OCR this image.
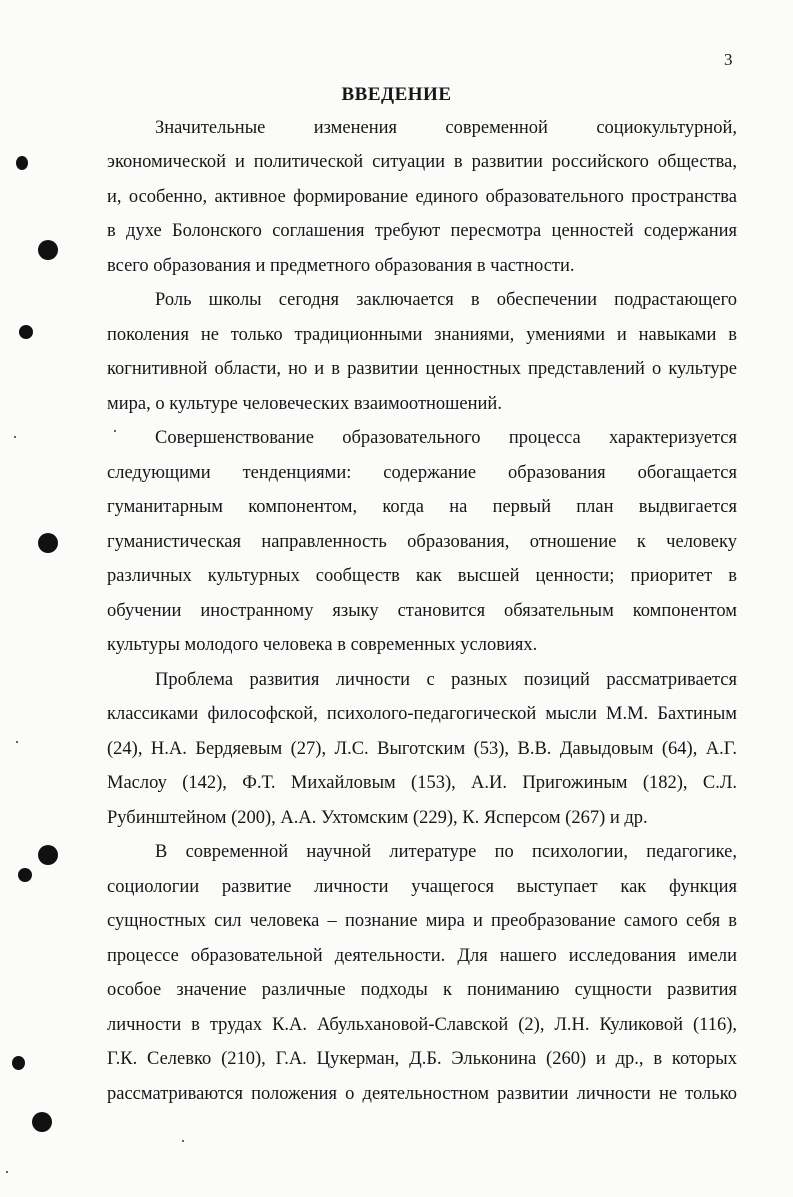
3
ВВЕДЕНИЕ
Значительные изменения современной социокультурной,
экономической и политической ситуации в развитии российского общества,
и, особенно, активное формирование единого образовательного пространства
в духе Болонского соглашения требуют пересмотра ценностей содержания
всего образования и предметного образования в частности.
Роль школы сегодня заключается в обеспечении подрастающего
поколения не только традиционными знаниями, умениями и навыками в
когнитивной области, но и в развитии ценностных представлений о культуре
мира, о культуре человеческих взаимоотношений.
Совершенствование образовательного процесса характеризуется
следующими тенденциями: содержание образования обогащается
гуманитарным компонентом, когда на первый план выдвигается
гуманистическая направленность образования, отношение к человеку
различных культурных сообществ как высшей ценности; приоритет в
обучении иностранному языку становится обязательным компонентом
культуры молодого человека в современных условиях.
Проблема развития личности с разных позиций рассматривается
классиками философской, психолого-педагогической мысли М.М. Бахтиным
(24), Н.А. Бердяевым (27), Л.С. Выготским (53), В.В. Давыдовым (64), А.Г.
Маслоу (142), Ф.Т. Михайловым (153), А.И. Пригожиным (182), С.Л.
Рубинштейном (200), А.А. Ухтомским (229), К. Ясперсом (267) и др.
В современной научной литературе по психологии, педагогике,
социологии развитие личности учащегося выступает как функция
сущностных сил человека – познание мира и преобразование самого себя в
процессе образовательной деятельности. Для нашего исследования имели
особое значение различные подходы к пониманию сущности развития
личности в трудах К.А. Абульхановой-Славской (2), Л.Н. Куликовой (116),
Г.К. Селевко (210), Г.А. Цукерман, Д.Б. Эльконина (260) и др., в которых
рассматриваются положения о деятельностном развитии личности не только
